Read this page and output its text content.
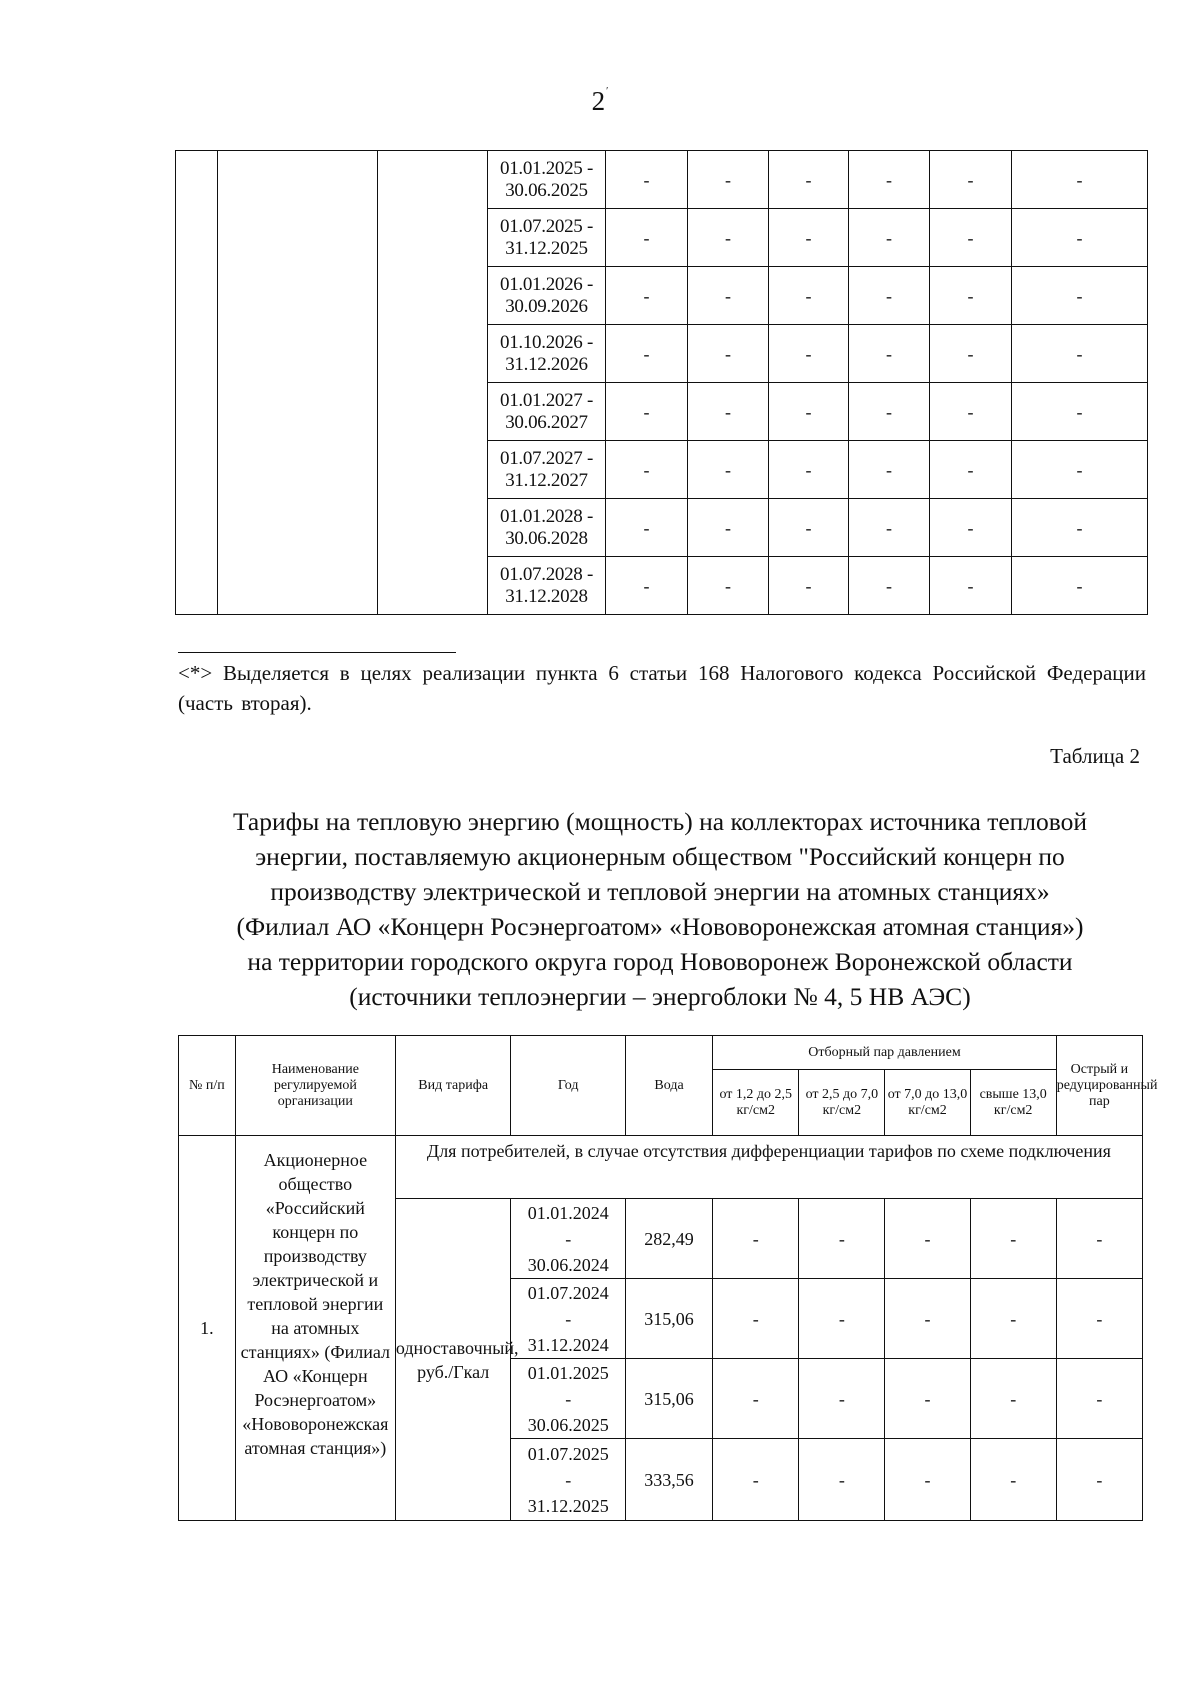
$2^ʹ$

			01.01.2025 -
30.06.2025	-	-	-	-	-	-

			01.07.2025 -
31.12.2025	-	-	-	-	-	-

			01.01.2026 -
30.09.2026	-	-	-	-	-	-

			01.10.2026 -
31.12.2026	-	-	-	-	-	-

			01.01.2027 -
30.06.2027	-	-	-	-	-	-

			01.07.2027 -
31.12.2027	-	-	-	-	-	-

			01.01.2028 -
30.06.2028	-	-	-	-	-	-

			01.07.2028 -
31.12.2028	-	-	-	-	-	-
<*> Выделяется в целях реализации пункта 6 статьи 168 Налогового кодекса Российской Федерации (часть вторая).
Таблица 2
Тарифы на тепловую энергию (мощность) на коллекторах источника тепловой
энергии, поставляемую акционерным обществом "Российский концерн по
производству электрической и тепловой энергии на атомных станциях»
(Филиал АО «Концерн Росэнергоатом» «Нововоронежская атомная станция»)
на территории городского округа город Нововоронеж Воронежской области
(источники теплоэнергии – энергоблоки № 4, 5 НВ АЭС)
№ п/п	Наименование регулируемой организации	Вид тарифа	Год	Вода	Отборный пар давлением				Острый и редуцированный пар
					от 1,2 до 2,5 кг/см2	от 2,5 до 7,0 кг/см2	от 7,0 до 13,0 кг/см2	свыше 13,0 кг/см2	
1.	Акционерное общество «Российский концерн по производству электрической и тепловой энергии на атомных станциях» (Филиал АО «Концерн Росэнергоатом» «Нововоронежская атомная станция»)	Для потребителей, в случае отсутствия дифференциации тарифов по схеме подключения							
		одноставочный, руб./Гкал	01.01.2024
-
30.06.2024	282,49	-	-	-	-	-

			01.07.2024
-
31.12.2024	315,06	-	-	-	-	-

			01.01.2025
-
30.06.2025	315,06	-	-	-	-	-

			01.07.2025
-
31.12.2025	333,56	-	-	-	-	-
